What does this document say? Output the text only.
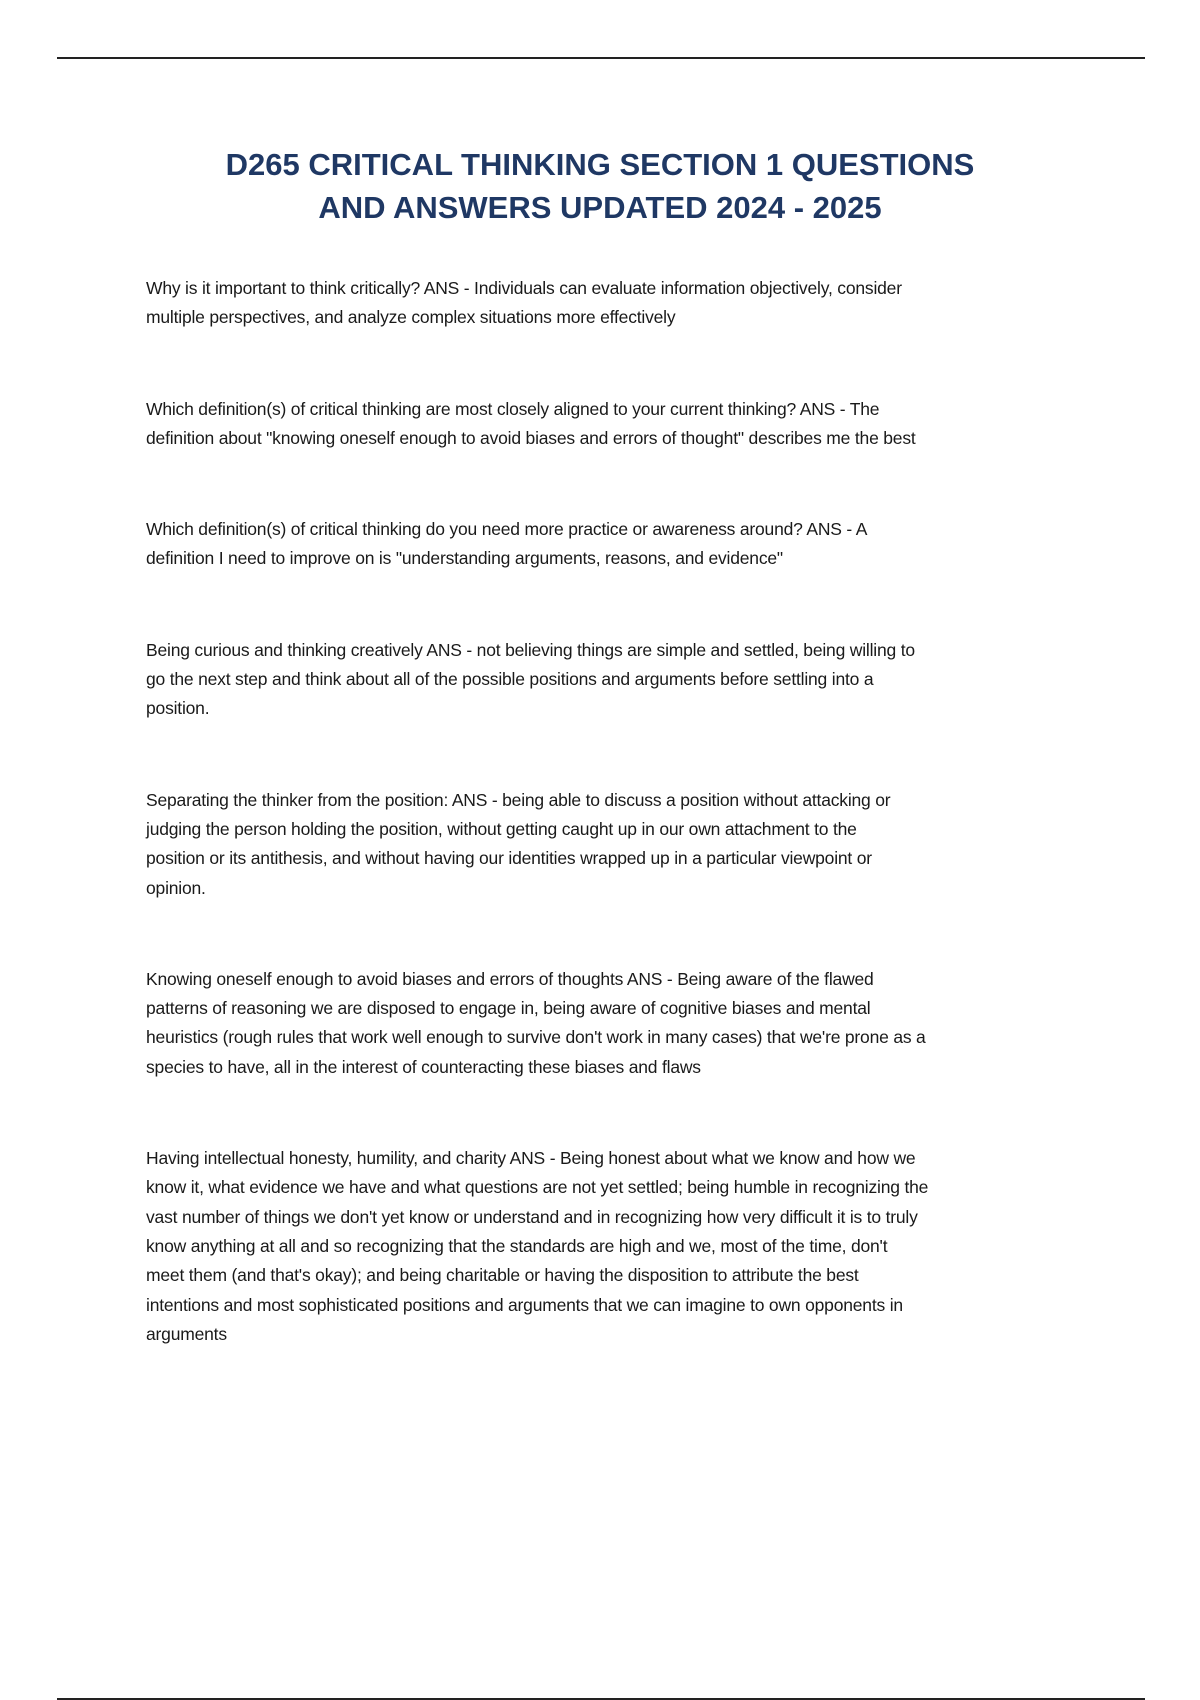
D265 CRITICAL THINKING SECTION 1 QUESTIONS
AND ANSWERS UPDATED 2024 - 2025
Why is it important to think critically? ANS - Individuals can evaluate information objectively, consider
multiple perspectives, and analyze complex situations more effectively
Which definition(s) of critical thinking are most closely aligned to your current thinking? ANS - The
definition about "knowing oneself enough to avoid biases and errors of thought" describes me the best
Which definition(s) of critical thinking do you need more practice or awareness around? ANS - A
definition I need to improve on is "understanding arguments, reasons, and evidence"
Being curious and thinking creatively ANS - not believing things are simple and settled, being willing to
go the next step and think about all of the possible positions and arguments before settling into a
position.
Separating the thinker from the position: ANS - being able to discuss a position without attacking or
judging the person holding the position, without getting caught up in our own attachment to the
position or its antithesis, and without having our identities wrapped up in a particular viewpoint or
opinion.
Knowing oneself enough to avoid biases and errors of thoughts ANS - Being aware of the flawed
patterns of reasoning we are disposed to engage in, being aware of cognitive biases and mental
heuristics (rough rules that work well enough to survive don't work in many cases) that we're prone as a
species to have, all in the interest of counteracting these biases and flaws
Having intellectual honesty, humility, and charity ANS - Being honest about what we know and how we
know it, what evidence we have and what questions are not yet settled; being humble in recognizing the
vast number of things we don't yet know or understand and in recognizing how very difficult it is to truly
know anything at all and so recognizing that the standards are high and we, most of the time, don't
meet them (and that's okay); and being charitable or having the disposition to attribute the best
intentions and most sophisticated positions and arguments that we can imagine to own opponents in
arguments
